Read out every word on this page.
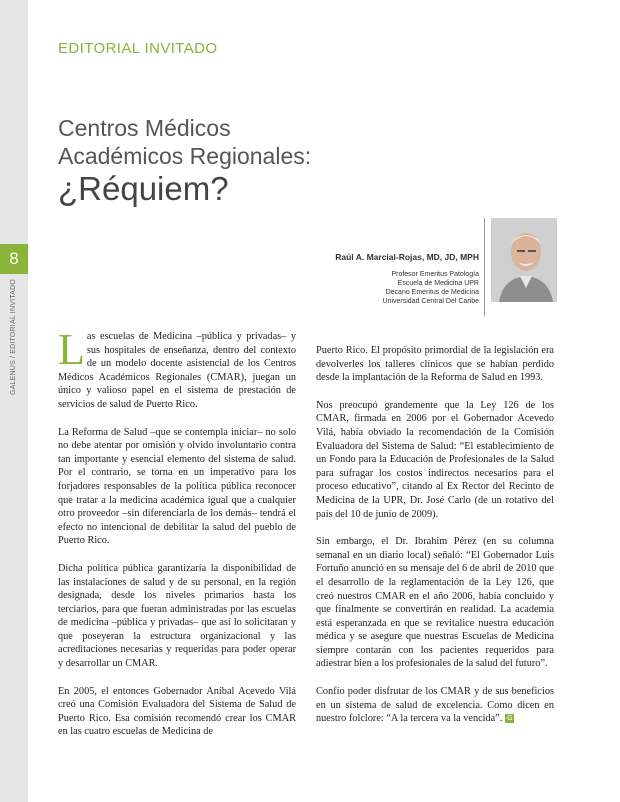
GALENUS / EDITORIAL INVITADO
8
EDITORIAL INVITADO
Centros Médicos
Académicos Regionales:
¿Réquiem?
Raúl A. Marcial-Rojas, MD, JD, MPH
Profesor Emeritus Patología
Escuela de Medicina UPR
Decano Emeritus de Medicina
Universidad Central Del Caribe

Las escuelas de Medicina –pública y privadas– y sus hospitales de enseñanza, dentro del contexto de un modelo docente asistencial de los Centros Médicos Académicos Regionales (CMAR), juegan un único y valioso papel en el sistema de prestación de servicios de salud de Puerto Rico.

La Reforma de Salud –que se contempla iniciar– no solo no debe atentar por omisión y olvido involuntario contra tan importante y esencial elemento del sistema de salud. Por el contrario, se torna en un imperativo para los forjadores responsables de la política pública reconocer que tratar a la medicina académica igual que a cualquier otro proveedor –sin diferenciarla de los demás– tendrá el efecto no intencional de debilitar la salud del pueblo de Puerto Rico.

Dicha política pública garantizaría la disponibilidad de las instalaciones de salud y de su personal, en la región designada, desde los niveles primarios hasta los terciarios, para que fueran administradas por las escuelas de medicina –pública y privadas– que así lo solicitaran y que poseyeran la estructura organizacional y las acreditaciones necesarias y requeridas para poder operar y desarrollar un CMAR.

En 2005, el entonces Gobernador Aníbal Acevedo Vilá creó una Comisión Evaluadora del Sistema de Salud de Puerto Rico. Esa comisión recomendó crear los CMAR en las cuatro escuelas de Medicina de

Puerto Rico. El propósito primordial de la legislación era devolverles los talleres clínicos que se habían perdido desde la implantación de la Reforma de Salud en 1993.

Nos preocupó grandemente que la Ley 126 de los CMAR, firmada en 2006 por el Gobernador Acevedo Vilá, había obviado la recomendación de la Comisión Evaluadora del Sistema de Salud: “El establecimiento de un Fondo para la Educación de Profesionales de la Salud para sufragar los costos indirectos necesarios para el proceso educativo”, citando al Ex Rector del Recinto de Medicina de la UPR, Dr. José Carlo (de un rotativo del país del 10 de junio de 2009).

Sin embargo, el Dr. Ibrahim Pérez (en su columna semanal en un diario local) señaló: “El Gobernador Luis Fortuño anunció en su mensaje del 6 de abril de 2010 que el desarrollo de la reglamentación de la Ley 126, que creó nuestros CMAR en el año 2006, había concluido y que finalmente se convertirán en realidad. La academia está esperanzada en que se revitalice nuestra educación médica y se asegure que nuestras Escuelas de Medicina siempre contarán con los pacientes requeridos para adiestrar bien a los profesionales de la salud del futuro”.

Confío poder disfrutar de los CMAR y de sus beneficios en un sistema de salud de excelencia. Como dicen en nuestro folclore: “A la tercera va la vencida”. G
